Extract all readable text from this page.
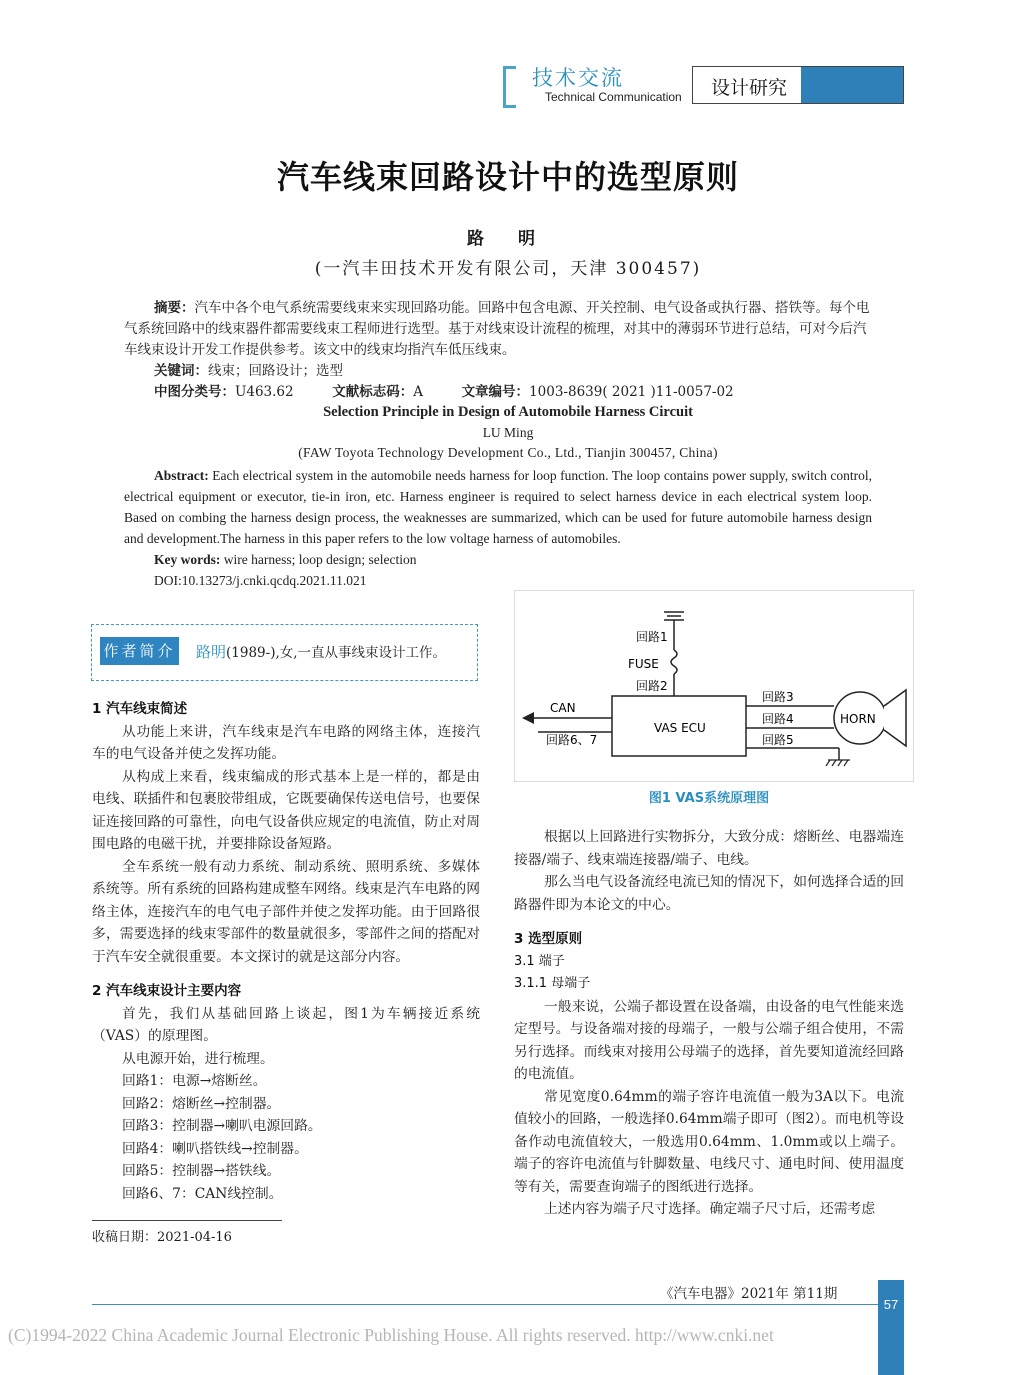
技术交流
Technical Communication 设计研究
汽车线束回路设计中的选型原则
路 明
(一汽丰田技术开发有限公司，天津 300457)
摘要：汽车中各个电气系统需要线束来实现回路功能。回路中包含电源、开关控制、电气设备或执行器、搭铁等。每个电气系统回路中的线束器件都需要线束工程师进行选型。基于对线束设计流程的梳理，对其中的薄弱环节进行总结，可对今后汽车线束设计开发工作提供参考。该文中的线束均指汽车低压线束。
关键词：线束；回路设计；选型
中图分类号：U463.62	文献标志码：A	文章编号：1003-8639( 2021 )11-0057-02
Selection Principle in Design of Automobile Harness Circuit
LU Ming
(FAW Toyota Technology Development Co., Ltd., Tianjin 300457, China)
Abstract: Each electrical system in the automobile needs harness for loop function. The loop contains power supply, switch control, electrical equipment or executor, tie-in iron, etc. Harness engineer is required to select harness device in each electrical system loop. Based on combing the harness design process, the weaknesses are summarized, which can be used for future automobile harness design and development.The harness in this paper refers to the low voltage harness of automobiles.
Key words: wire harness; loop design; selection
DOI:10.13273/j.cnki.qcdq.2021.11.021
作者简介 路明(1989-),女,一直从事线束设计工作。
1 汽车线束简述
从功能上来讲，汽车线束是汽车电路的网络主体，连接汽车的电气设备并使之发挥功能。
从构成上来看，线束编成的形式基本上是一样的，都是由电线、联插件和包裹胶带组成，它既要确保传送电信号，也要保证连接回路的可靠性，向电气设备供应规定的电流值，防止对周围电路的电磁干扰，并要排除设备短路。
全车系统一般有动力系统、制动系统、照明系统、多媒体系统等。所有系统的回路构建成整车网络。线束是汽车电路的网络主体，连接汽车的电气电子部件并使之发挥功能。由于回路很多，需要选择的线束零部件的数量就很多，零部件之间的搭配对于汽车安全就很重要。本文探讨的就是这部分内容。
2 汽车线束设计主要内容
首先，我们从基础回路上谈起，图1为车辆接近系统（VAS）的原理图。
从电源开始，进行梳理。
回路1：电源→熔断丝。
回路2：熔断丝→控制器。
回路3：控制器→喇叭电源回路。
回路4：喇叭搭铁线→控制器。
回路5：控制器→搭铁线。
回路6、7：CAN线控制。
收稿日期：2021-04-16
回路1
FUSE
回路2
VAS ECU
CAN
回路6、7
回路3
回路4
回路5
HORN
图1 VAS系统原理图
根据以上回路进行实物拆分，大致分成：熔断丝、电器端连接器/端子、线束端连接器/端子、电线。
那么当电气设备流经电流已知的情况下，如何选择合适的回路器件即为本论文的中心。
3 选型原则
3.1 端子
3.1.1 母端子
一般来说，公端子都设置在设备端，由设备的电气性能来选定型号。与设备端对接的母端子，一般与公端子组合使用，不需另行选择。而线束对接用公母端子的选择，首先要知道流经回路的电流值。
常见宽度0.64mm的端子容许电流值一般为3A以下。电流值较小的回路，一般选择0.64mm端子即可（图2）。而电机等设备作动电流值较大，一般选用0.64mm、1.0mm或以上端子。端子的容许电流值与针脚数量、电线尺寸、通电时间、使用温度等有关，需要查询端子的图纸进行选择。
上述内容为端子尺寸选择。确定端子尺寸后，还需考虑
《汽车电器》2021年 第11期
57
(C)1994-2022 China Academic Journal Electronic Publishing House. All rights reserved. http://www.cnki.net
